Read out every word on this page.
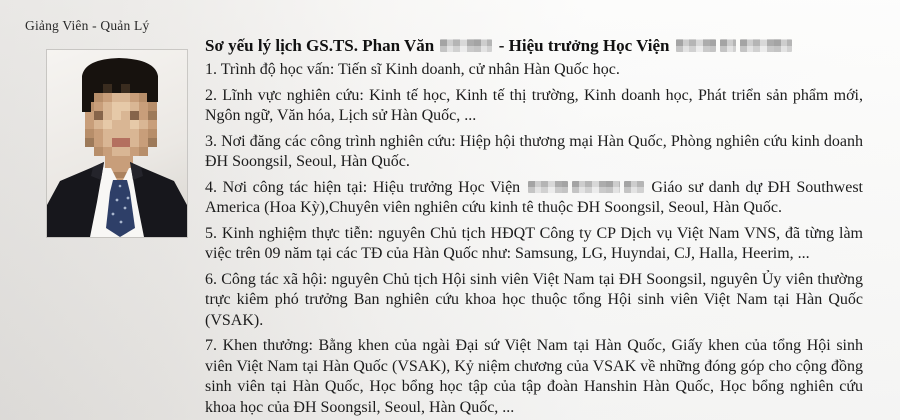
Giảng Viên - Quản Lý
Sơ yếu lý lịch GS.TS. Phan Văn	- Hiệu trưởng Học Viện

1. Trình độ học vấn: Tiến sĩ Kinh doanh, cử nhân Hàn Quốc học.

2. Lĩnh vực nghiên cứu: Kinh tế học, Kinh tế thị trường, Kinh doanh học, Phát triển sản phẩm mới, Ngôn ngữ, Văn hóa, Lịch sử Hàn Quốc, ...

3. Nơi đăng các công trình nghiên cứu: Hiệp hội thương mại Hàn Quốc, Phòng nghiên cứu kinh doanh ĐH Soongsil, Seoul, Hàn Quốc.

4. Nơi công tác hiện tại: Hiệu trưởng Học Viện	Giáo sư danh dự ĐH Southwest America (Hoa Kỳ),Chuyên viên nghiên cứu kinh tê thuộc ĐH Soongsil, Seoul, Hàn Quốc.

5. Kinh nghiệm thực tiễn: nguyên Chủ tịch HĐQT Công ty CP Dịch vụ Việt Nam VNS, đã từng làm việc trên 09 năm tại các TĐ của Hàn Quốc như: Samsung, LG, Huyndai, CJ, Halla, Heerim, ...

6. Công tác xã hội: nguyên Chủ tịch Hội sinh viên Việt Nam tại ĐH Soongsil, nguyên Ủy viên thường trực kiêm phó trưởng Ban nghiên cứu khoa học thuộc tổng Hội sinh viên Việt Nam tại Hàn Quốc (VSAK).

7. Khen thưởng: Bằng khen của ngài Đại sứ Việt Nam tại Hàn Quốc, Giấy khen của tổng Hội sinh viên Việt Nam tại Hàn Quốc (VSAK), Kỷ niệm chương của VSAK về những đóng góp cho cộng đồng sinh viên tại Hàn Quốc, Học bổng học tập của tập đoàn Hanshin Hàn Quốc, Học bổng nghiên cứu khoa học của ĐH Soongsil, Seoul, Hàn Quốc, ...
